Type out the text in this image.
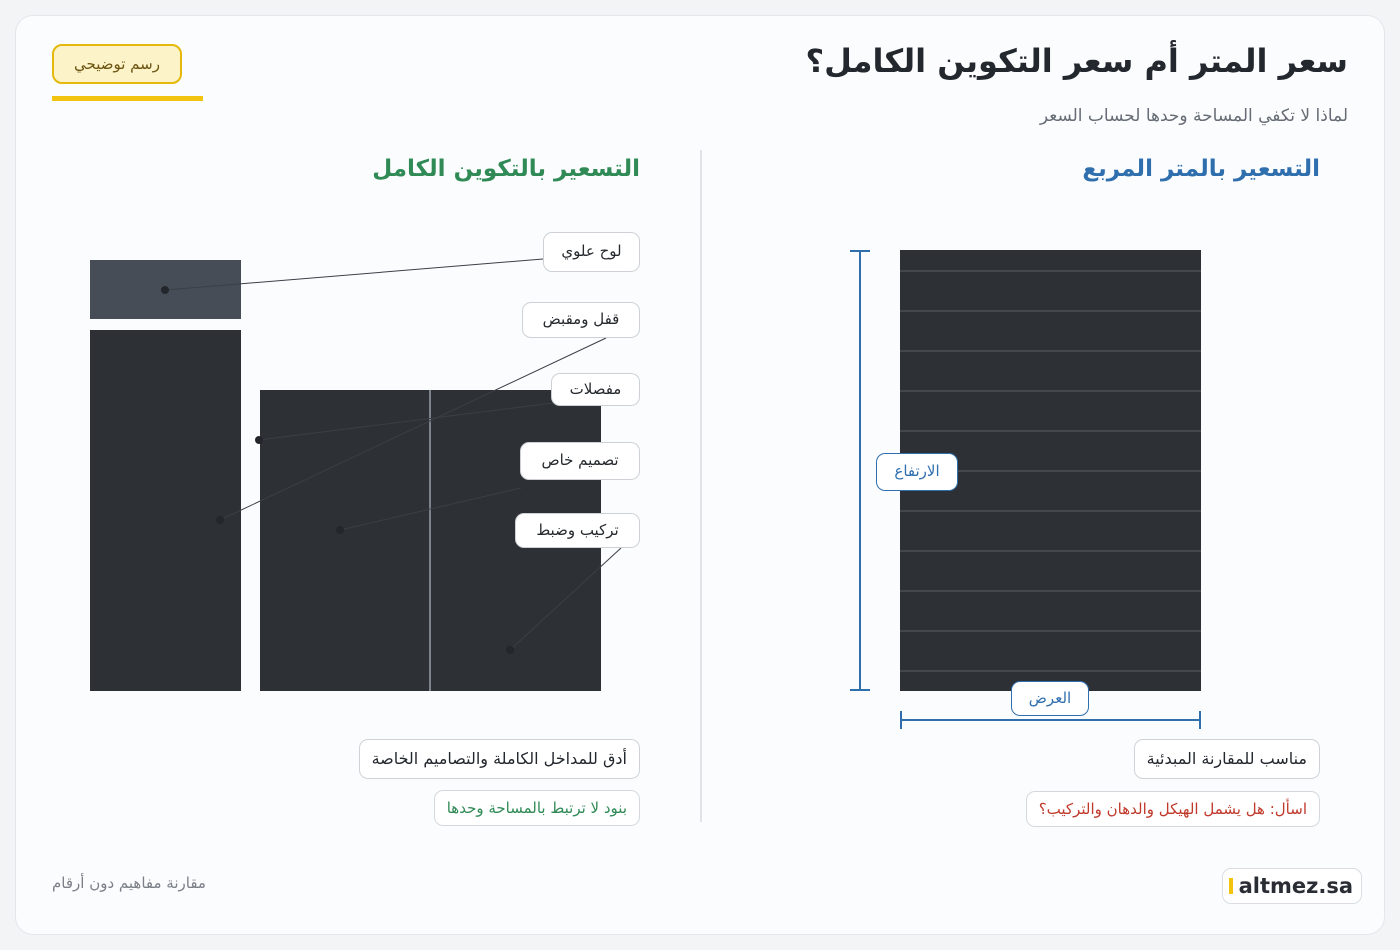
سعر المتر أم سعر التكوين الكامل؟
لماذا لا تكفي المساحة وحدها لحساب السعر
رسم توضيحي
التسعير بالتكوين الكامل	التسعير بالمتر المربع
لوح علوي
قفل ومقبض
مفصلات
تصميم خاص
تركيب وضبط
الارتفاع
العرض
أدق للمداخل الكاملة والتصاميم الخاصة
بنود لا ترتبط بالمساحة وحدها
مناسب للمقارنة المبدئية
اسأل: هل يشمل الهيكل والدهان والتركيب؟
مقارنة مفاهيم دون أرقام	altmez.sa
